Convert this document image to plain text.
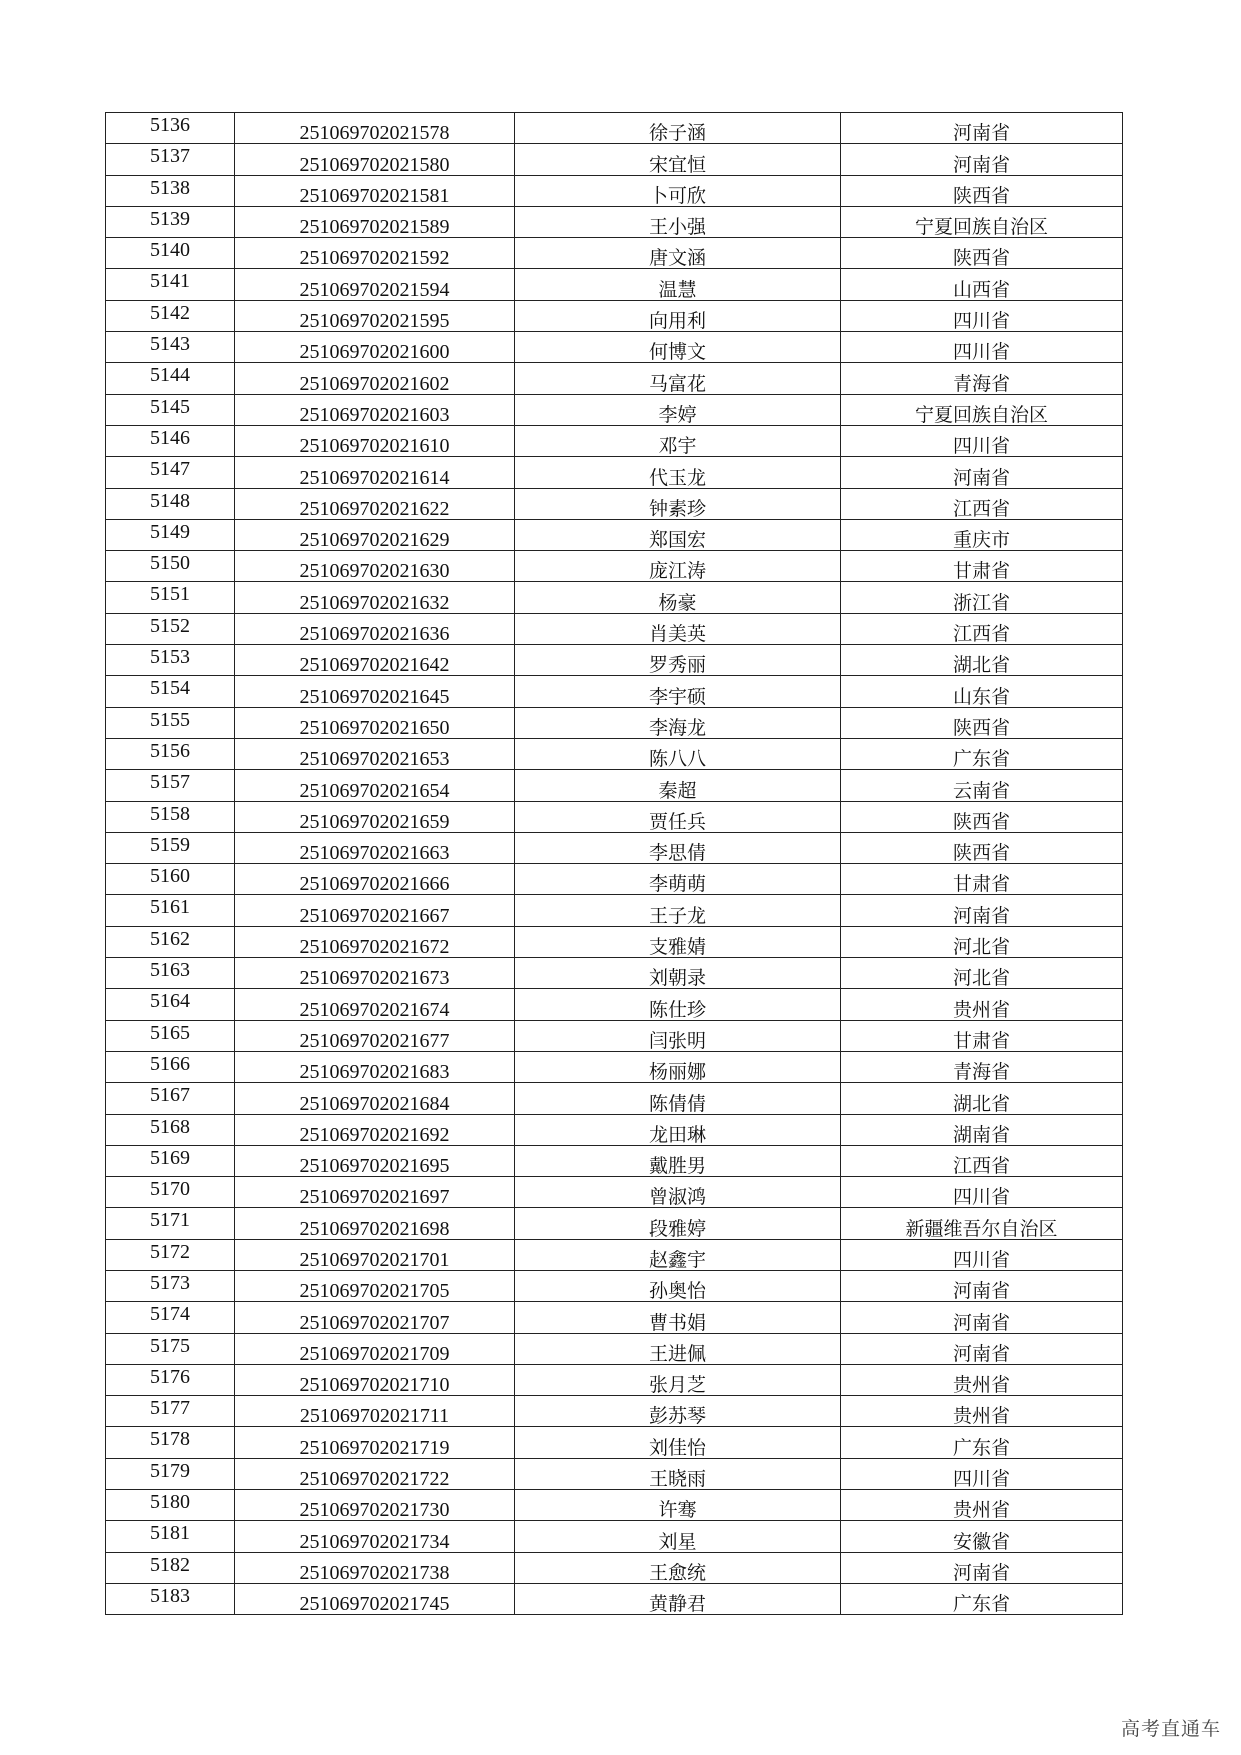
5136	251069702021578	徐子涵	河南省
5137	251069702021580	宋宜恒	河南省
5138	251069702021581	卜可欣	陕西省
5139	251069702021589	王小强	宁夏回族自治区
5140	251069702021592	唐文涵	陕西省
5141	251069702021594	温慧	山西省
5142	251069702021595	向用利	四川省
5143	251069702021600	何博文	四川省
5144	251069702021602	马富花	青海省
5145	251069702021603	李婷	宁夏回族自治区
5146	251069702021610	邓宇	四川省
5147	251069702021614	代玉龙	河南省
5148	251069702021622	钟素珍	江西省
5149	251069702021629	郑国宏	重庆市
5150	251069702021630	庞江涛	甘肃省
5151	251069702021632	杨豪	浙江省
5152	251069702021636	肖美英	江西省
5153	251069702021642	罗秀丽	湖北省
5154	251069702021645	李宇硕	山东省
5155	251069702021650	李海龙	陕西省
5156	251069702021653	陈八八	广东省
5157	251069702021654	秦超	云南省
5158	251069702021659	贾任兵	陕西省
5159	251069702021663	李思倩	陕西省
5160	251069702021666	李萌萌	甘肃省
5161	251069702021667	王子龙	河南省
5162	251069702021672	支雅婧	河北省
5163	251069702021673	刘朝录	河北省
5164	251069702021674	陈仕珍	贵州省
5165	251069702021677	闫张明	甘肃省
5166	251069702021683	杨丽娜	青海省
5167	251069702021684	陈倩倩	湖北省
5168	251069702021692	龙田琳	湖南省
5169	251069702021695	戴胜男	江西省
5170	251069702021697	曾淑鸿	四川省
5171	251069702021698	段雅婷	新疆维吾尔自治区
5172	251069702021701	赵鑫宇	四川省
5173	251069702021705	孙奥怡	河南省
5174	251069702021707	曹书娟	河南省
5175	251069702021709	王进佩	河南省
5176	251069702021710	张月芝	贵州省
5177	251069702021711	彭苏琴	贵州省
5178	251069702021719	刘佳怡	广东省
5179	251069702021722	王晓雨	四川省
5180	251069702021730	许骞	贵州省
5181	251069702021734	刘星	安徽省
5182	251069702021738	王愈统	河南省
5183	251069702021745	黄静君	广东省
高考直通车
